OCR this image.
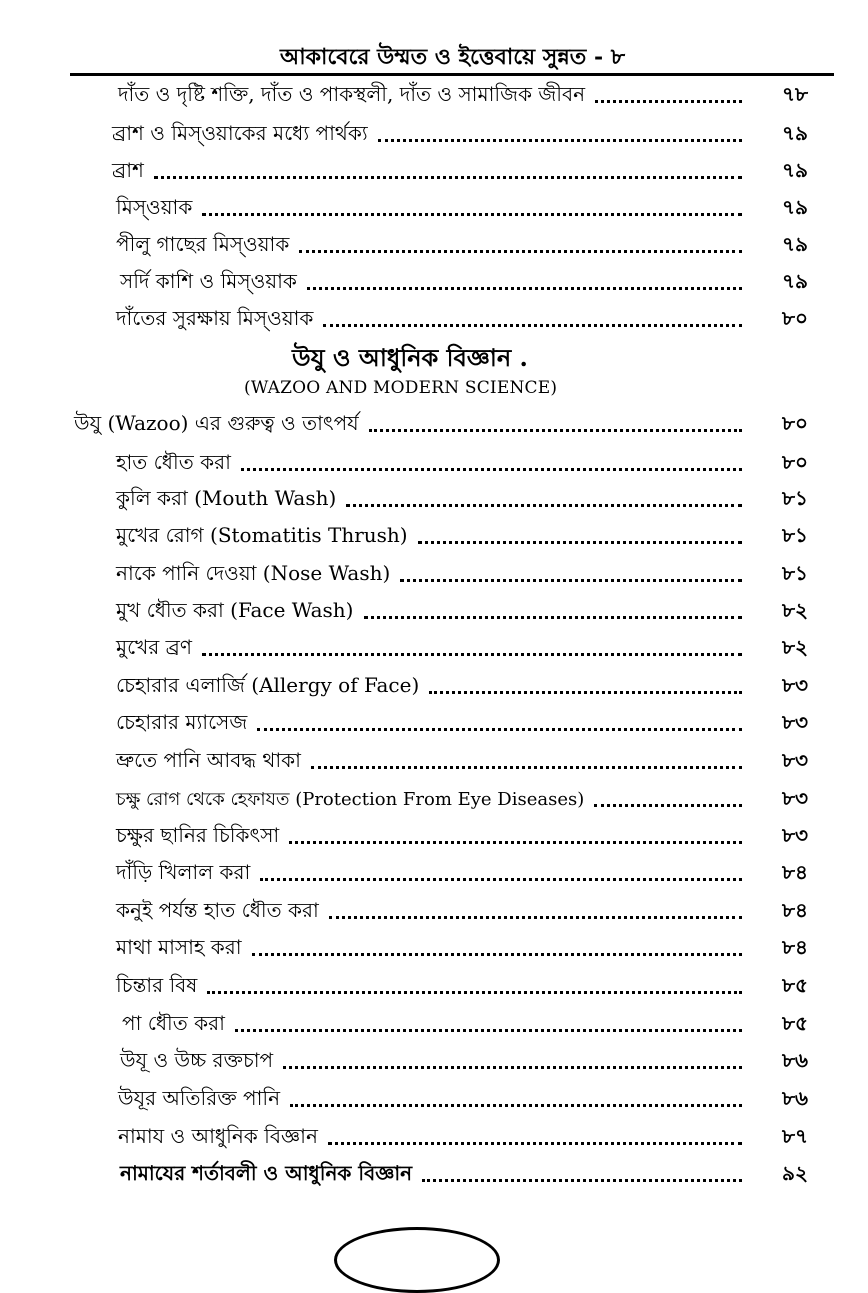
আকাবেরে উম্মত ও ইত্তেবায়ে সুন্নত - ৮
দাঁত ও দৃষ্টি শক্তি, দাঁত ও পাকস্থলী, দাঁত ও সামাজিক জীবন	৭৮
ব্রাশ ও মিস্ওয়াকের মধ্যে পার্থক্য	৭৯
ব্রাশ	৭৯
মিস্ওয়াক	৭৯
পীলু গাছের মিস্ওয়াক	৭৯
সর্দি কাশি ও মিস্ওয়াক	৭৯
দাঁতের সুরক্ষায় মিস্ওয়াক	৮০
উযু ও আধুনিক বিজ্ঞান .
(WAZOO AND MODERN SCIENCE)
উযু (Wazoo) এর গুরুত্ব ও তাৎপর্য	৮০
হাত ধৌত করা	৮০
কুলি করা (Mouth Wash)	৮১
মুখের রোগ (Stomatitis Thrush)	৮১
নাকে পানি দেওয়া (Nose Wash)	৮১
মুখ ধৌত করা (Face Wash)	৮২
মুখের ব্রণ	৮২
চেহারার এলার্জি (Allergy of Face)	৮৩
চেহারার ম্যাসেজ	৮৩
ভ্রুতে পানি আবদ্ধ থাকা	৮৩
চক্ষু রোগ থেকে হেফাযত (Protection From Eye Diseases)	৮৩
চক্ষুর ছানির চিকিৎসা	৮৩
দাঁড়ি খিলাল করা	৮৪
কনুই পর্যন্ত হাত ধৌত করা	৮৪
মাথা মাসাহ করা	৮৪
চিন্তার বিষ	৮৫
পা ধৌত করা	৮৫
উযূ ও উচ্চ রক্তচাপ	৮৬
উযূর অতিরিক্ত পানি	৮৬
নামায ও আধুনিক বিজ্ঞান	৮৭
নামাযের শর্তাবলী ও আধুনিক বিজ্ঞান	৯২
